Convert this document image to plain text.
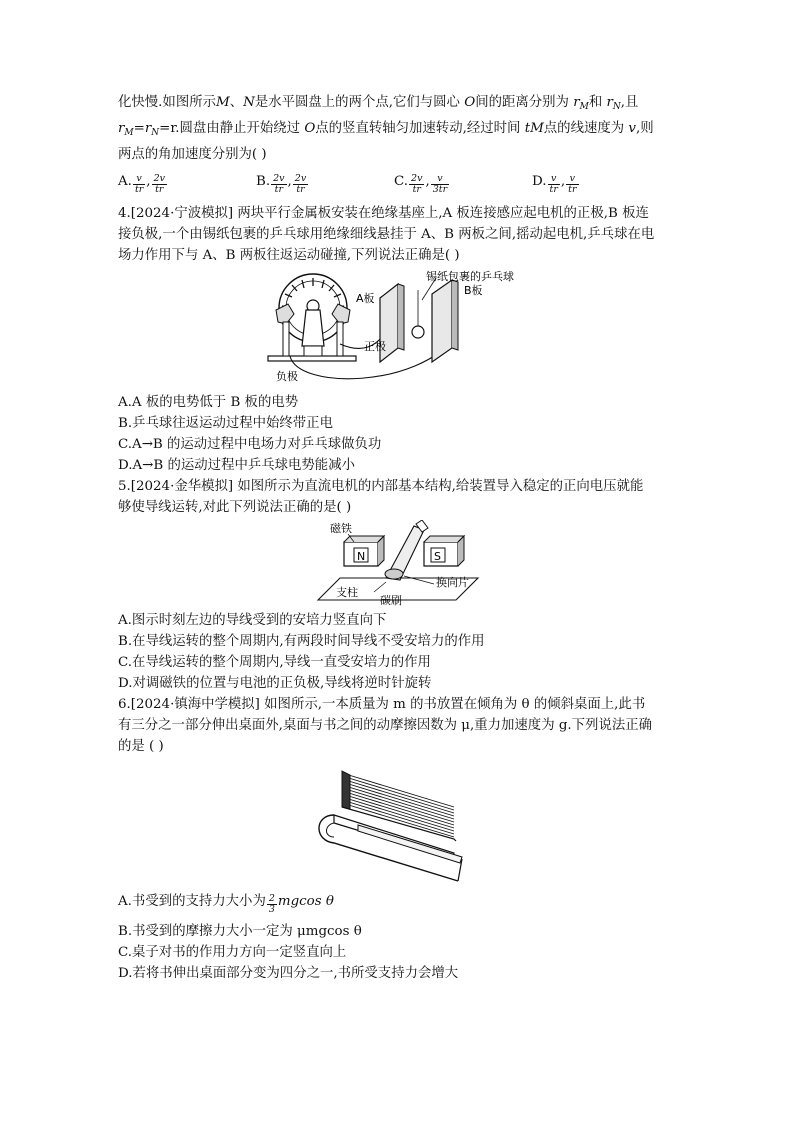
化快慢.如图所示M、N是水平圆盘上的两个点,它们与圆心 O间的距离分别为 $r_M$和 $r_N$,且
$r_M=r_N=r$.圆盘由静止开始绕过 O点的竖直转轴匀加速转动,经过时间 tM点的线速度为 v,则
两点的角加速度分别为( )
A. $\frac{v}{tr}$ , $\frac{2v}{tr}$	B. $\frac{2v}{tr}$ , $\frac{2v}{tr}$	C. $\frac{2v}{tr}$ , $\frac{v}{3tr}$	D. $\frac{v}{tr}$ , $\frac{v}{tr}$
4.[2024·宁波模拟] 两块平行金属板安装在绝缘基座上,A 板连接感应起电机的正极,B 板连
接负极,一个由锡纸包裹的乒乓球用绝缘细线悬挂于 A、B 两板之间,摇动起电机,乒乓球在电
场力作用下与 A、B 两板往返运动碰撞,下列说法正确是( )
A板
锡纸包裹的乒乓球
B板
正极
负极
A.A 板的电势低于 B 板的电势
B.乒乓球往返运动过程中始终带正电
C.A→B 的运动过程中电场力对乒乓球做负功
D.A→B 的运动过程中乒乓球电势能减小
5.[2024·金华模拟] 如图所示为直流电机的内部基本结构,给装置导入稳定的正向电压就能
够使导线运转,对此下列说法正确的是( )
磁铁
N	S
支柱
碳刷
换向片
A.图示时刻左边的导线受到的安培力竖直向下
B.在导线运转的整个周期内,有两段时间导线不受安培力的作用
C.在导线运转的整个周期内,导线一直受安培力的作用
D.对调磁铁的位置与电池的正负极,导线将逆时针旋转
6.[2024·镇海中学模拟] 如图所示,一本质量为 m 的书放置在倾角为 θ 的倾斜桌面上,此书
有三分之一部分伸出桌面外,桌面与书之间的动摩擦因数为 μ,重力加速度为 g.下列说法正确
的是 ( )
A.书受到的支持力大小为 $\frac{2}{3}$ mgcos θ
B.书受到的摩擦力大小一定为 μmgcos θ
C.桌子对书的作用力方向一定竖直向上
D.若将书伸出桌面部分变为四分之一,书所受支持力会增大
